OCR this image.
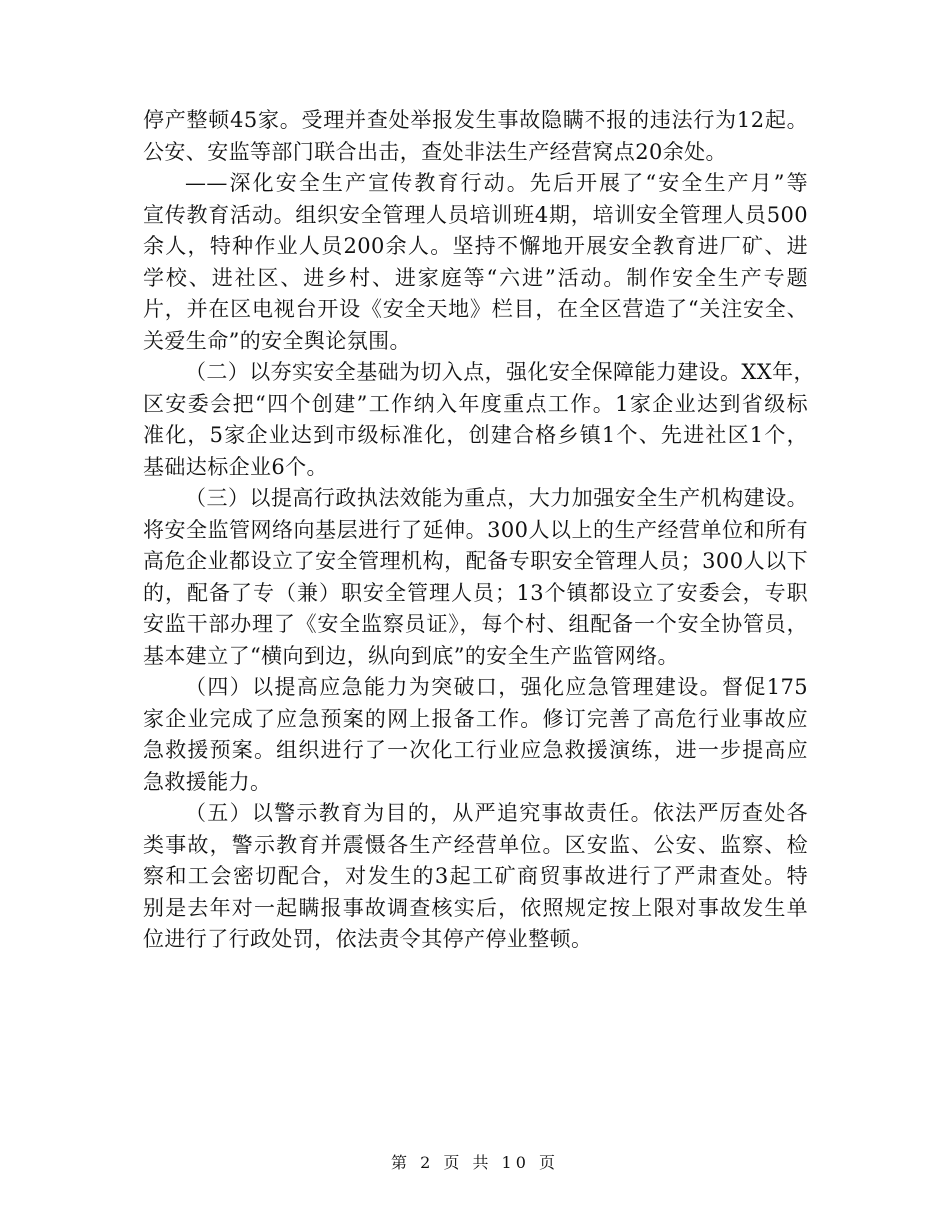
停产整顿45家。受理并查处举报发生事故隐瞒不报的违法行为12起。
公安、安监等部门联合出击，查处非法生产经营窝点20余处。
——深化安全生产宣传教育行动。先后开展了“安全生产月”等
宣传教育活动。组织安全管理人员培训班4期，培训安全管理人员500
余人，特种作业人员200余人。坚持不懈地开展安全教育进厂矿、进
学校、进社区、进乡村、进家庭等“六进”活动。制作安全生产专题
片，并在区电视台开设《安全天地》栏目，在全区营造了“关注安全、
关爱生命”的安全舆论氛围。
（二）以夯实安全基础为切入点，强化安全保障能力建设。XX年，
区安委会把“四个创建”工作纳入年度重点工作。1家企业达到省级标
准化，5家企业达到市级标准化，创建合格乡镇1个、先进社区1个，
基础达标企业6个。
（三）以提高行政执法效能为重点，大力加强安全生产机构建设。
将安全监管网络向基层进行了延伸。300人以上的生产经营单位和所有
高危企业都设立了安全管理机构，配备专职安全管理人员；300人以下
的，配备了专（兼）职安全管理人员；13个镇都设立了安委会，专职
安监干部办理了《安全监察员证》，每个村、组配备一个安全协管员，
基本建立了“横向到边，纵向到底”的安全生产监管网络。
（四）以提高应急能力为突破口，强化应急管理建设。督促175
家企业完成了应急预案的网上报备工作。修订完善了高危行业事故应
急救援预案。组织进行了一次化工行业应急救援演练，进一步提高应
急救援能力。
（五）以警示教育为目的，从严追究事故责任。依法严厉查处各
类事故，警示教育并震慑各生产经营单位。区安监、公安、监察、检
察和工会密切配合，对发生的3起工矿商贸事故进行了严肃查处。特
别是去年对一起瞒报事故调查核实后，依照规定按上限对事故发生单
位进行了行政处罚，依法责令其停产停业整顿。
第 2 页 共 10 页
